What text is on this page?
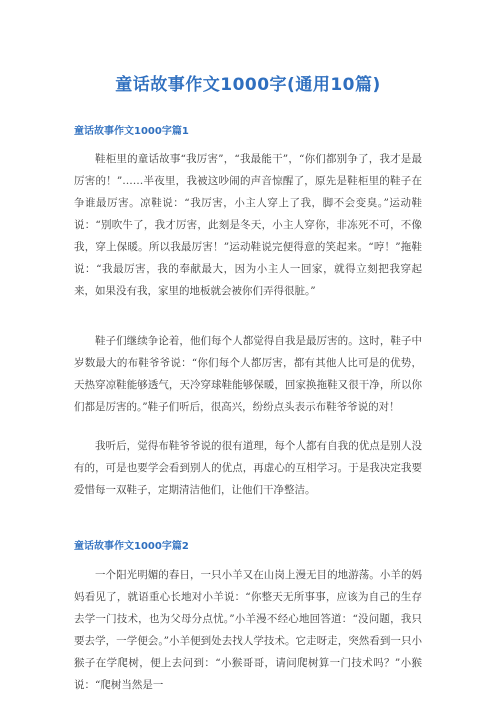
童话故事作文1000字(通用10篇)
童话故事作文1000字篇1
鞋柜里的童话故事“我厉害”，“我最能干”，“你们都别争了，我才是最厉害的！”……半夜里，我被这吵闹的声音惊醒了，原先是鞋柜里的鞋子在争谁最厉害。凉鞋说：“我厉害，小主人穿上了我，脚不会变臭。”运动鞋说：“别吹牛了，我才厉害，此刻是冬天，小主人穿你，非冻死不可，不像我，穿上保暖。所以我最厉害！”运动鞋说完便得意的笑起来。“哼！”拖鞋说：“我最厉害，我的奉献最大，因为小主人一回家，就得立刻把我穿起来，如果没有我，家里的地板就会被你们弄得很脏。”
鞋子们继续争论着，他们每个人都觉得自我是最厉害的。这时，鞋子中岁数最大的布鞋爷爷说：“你们每个人都厉害，都有其他人比可是的优势，天热穿凉鞋能够透气，天冷穿球鞋能够保暖，回家换拖鞋又很干净，所以你们都是厉害的。”鞋子们听后，很高兴，纷纷点头表示布鞋爷爷说的对！
我听后，觉得布鞋爷爷说的很有道理，每个人都有自我的优点是别人没有的，可是也要学会看到别人的优点，再虚心的互相学习。于是我决定我要爱惜每一双鞋子，定期清洁他们，让他们干净整洁。
童话故事作文1000字篇2
一个阳光明媚的春日，一只小羊又在山岗上漫无目的地游荡。小羊的妈妈看见了，就语重心长地对小羊说：“你整天无所事事，应该为自己的生存去学一门技术，也为父母分点忧。”小羊漫不经心地回答道：“没问题，我只要去学，一学便会。”小羊便到处去找人学技术。它走呀走，突然看到一只小猴子在学爬树，便上去问到：“小猴哥哥，请问爬树算一门技术吗？”小猴说：“爬树当然是一
